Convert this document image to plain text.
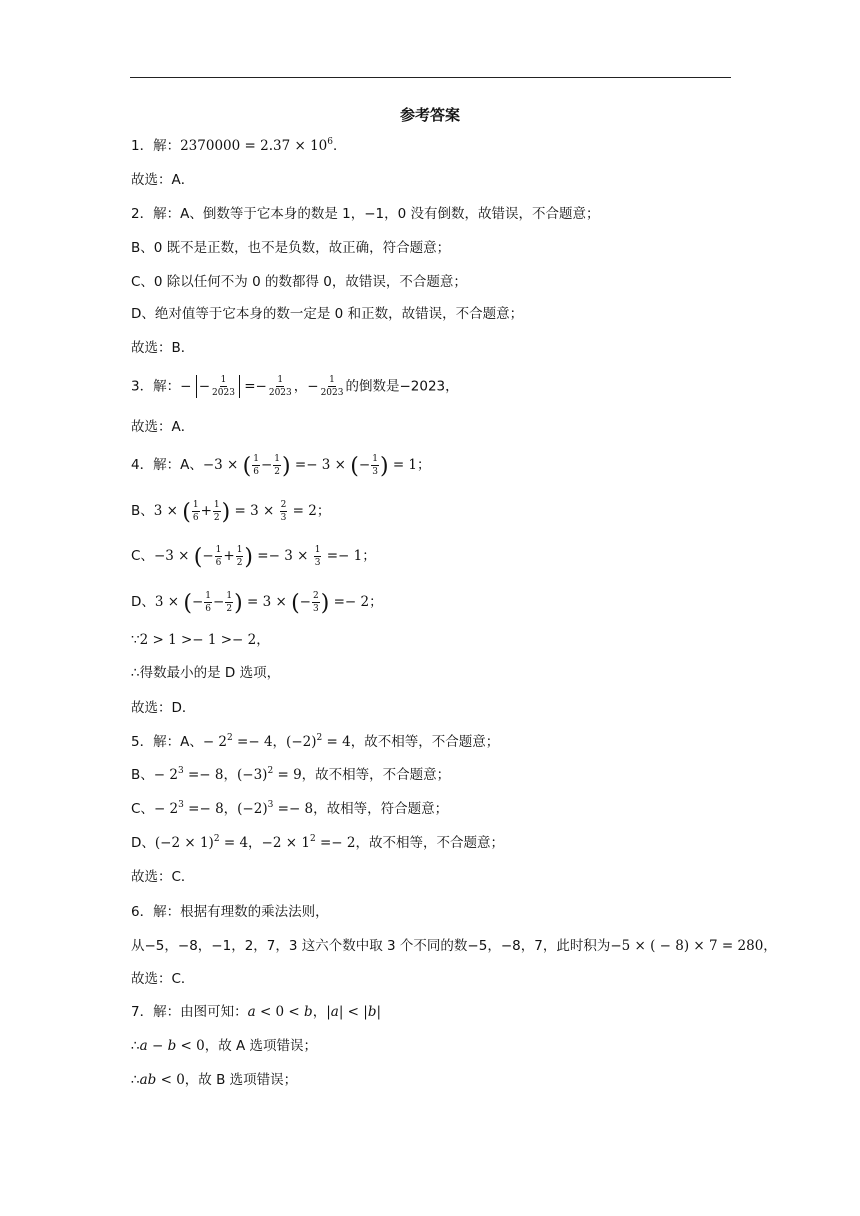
参考答案
1．解：$2370000 = 2.37 \times 10^6$．
故选：A．
2．解：A、倒数等于它本身的数是 1，−1，0 没有倒数，故错误，不合题意；
B、0 既不是正数，也不是负数，故正确，符合题意；
C、0 除以任何不为 0 的数都得 0，故错误，不合题意；
D、绝对值等于它本身的数一定是 0 和正数，故错误，不合题意；
故选：B．
3．解：− − $\frac{1}{2023} =- \frac{1}{2023}$ ，− $\frac{1}{2023}$ 的倒数是−2023，
故选：A．
4．解：A、−3 × ( $\frac{1}{6} - \frac{1}{2}$ ) =− 3 × (− $\frac{1}{3}$ ) = 1；
B、3 × ( $\frac{1}{6} + \frac{1}{2}$ ) = $3 \times \frac{2}{3} = 2$；
C、−3 × (− $\frac{1}{6} + \frac{1}{2}$ ) =− $3 \times \frac{1}{3} =- 1$；
D、3 × (− $\frac{1}{6} - \frac{1}{2}$ ) = 3 × (− $\frac{2}{3}$ ) =− 2；
∵2 > 1 >− 1 >− 2，
∴得数最小的是 D 选项，
故选：D．
5．解：A、− $2^2 =- 4$，$(-2)^2 = 4$，故不相等，不合题意；
B、− $2^3 =- 8$，$(-3)^2 = 9$，故不相等，不合题意；
C、− $2^3 =- 8$，$(-2)^3 =- 8$，故相等，符合题意；
D、$(-2 \times 1)^2 = 4$，$-2 \times 1^2 =- 2$，故不相等，不合题意；
故选：C．
6．解：根据有理数的乘法法则，
从−5，−8，−1，2，7，3 这六个数中取 3 个不同的数−5，−8，7，此时积为−5 × ( − 8) × 7 = 280，
故选：C．
7．解：由图可知：a < 0 < b，|a| < |b|
∴a − b < 0，故 A 选项错误；
∴ab < 0，故 B 选项错误；
